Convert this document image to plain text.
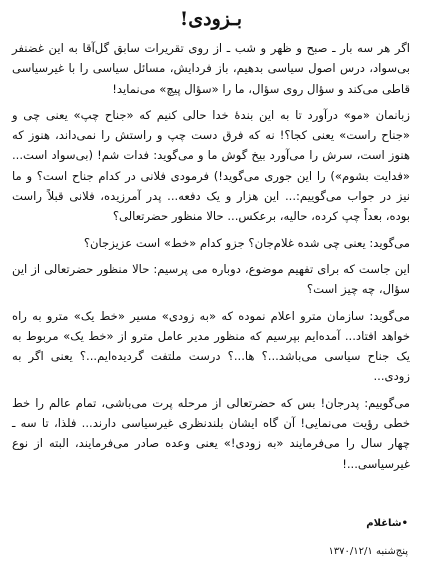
بـزودی!

اگر هر سه بار ـ صبح و ظهر و شب ـ از روی تقریرات سابق گل‌آقا به این غضنفر بی‌سواد، درس اصول سیاسی بدهیم، باز فردایش، مسائل سیاسی را با غیرسیاسی قاطی می‌کند و سؤال روی سؤال، ما را «سؤال پیچ» می‌نماید!

زبانمان «مو» درآورد تا به این بندهٔ خدا حالی کنیم که «جناح چپ» یعنی چی و «جناح راست» یعنی کجا؟! نه که فرق دست چپ و راستش را نمی‌داند، هنوز که هنوز است، سرش را می‌آورد بیخ گوش ما و می‌گوید: فدات شم! (بی‌سواد است... «فدایت بشوم») را این جوری می‌گوید!) فرمودی فلانی در کدام جناح است؟ و ما نیز در جواب می‌گوییم:... این هزار و یک دفعه... پدر آمرزیده، فلانی قبلاً راست بوده، بعداً چپ کرده، حالیه، برعکس... حالا منظور حضرتعالی؟

می‌گوید: یعنی چی شده غلام‌جان؟ جزو کدام «خط» است عزیزجان؟

این جاست که برای تفهیم موضوع، دوباره می پرسیم: حالا منظور حضرتعالی از این سؤال، چه چیز است؟

می‌گوید: سازمان مترو اعلام نموده که «به زودی» مسیر «خط یک» مترو به راه خواهد افتاد... آمده‌ایم بپرسیم که منظور مدیر عامل مترو از «خط یک» مربوط به یک جناح سیاسی می‌باشد...؟ ها...؟ درست ملتفت گردیده‌ایم...؟ یعنی اگر به زودی...

می‌گوییم: پدرجان! بس که حضرتعالی از مرحله پرت می‌باشی، تمام عالم را خط خطی رؤیت می‌نمایی! آن گاه ایشان بلندنظری غیرسیاسی دارند... فلذا، تا سه ـ چهار سال را می‌فرمایند «به زودی!» یعنی وعده صادر می‌فرمایند، البته از نوع غیرسیاسی...!

•شاغلام
پنج‌شنبه ۱۳۷۰/۱۲/۱
